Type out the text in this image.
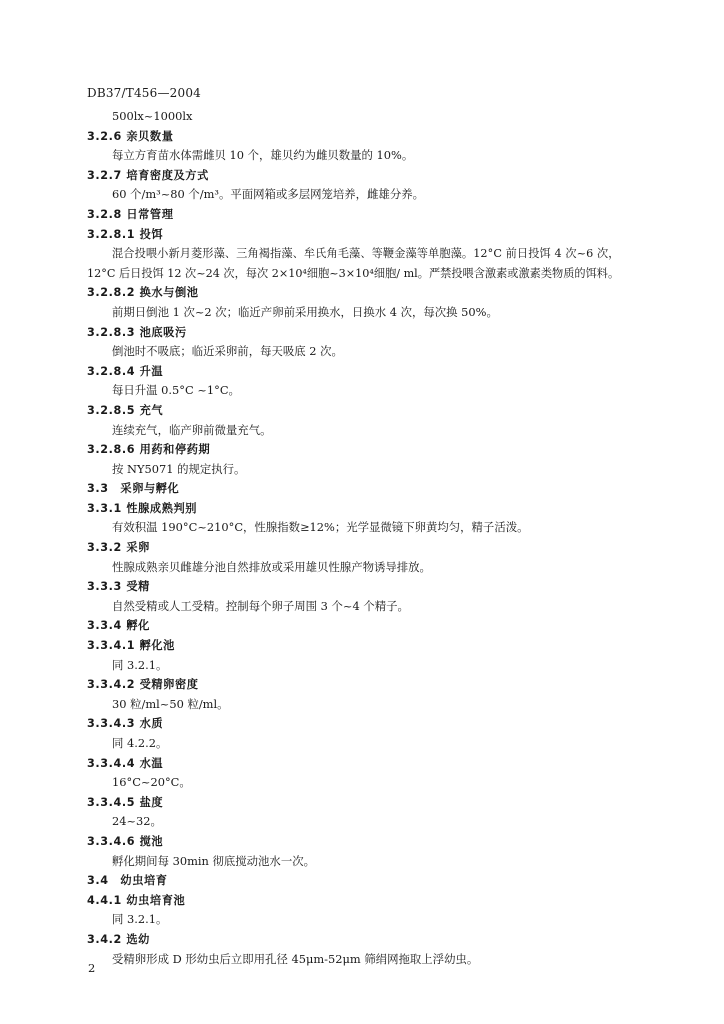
DB37/T456—2004
500lx~1000lx
3.2.6 亲贝数量
每立方育苗水体需雌贝 10 个，雄贝约为雌贝数量的 10%。
3.2.7 培育密度及方式
60 个/m³~80 个/m³。平面网箱或多层网笼培养，雌雄分养。
3.2.8 日常管理
3.2.8.1 投饵
混合投喂小新月菱形藻、三角褐指藻、牟氏角毛藻、等鞭金藻等单胞藻。12°C 前日投饵 4 次~6 次，
12°C 后日投饵 12 次~24 次，每次 2×10⁴细胞~3×10⁴细胞/ ml。严禁投喂含激素或激素类物质的饵料。
3.2.8.2 换水与倒池
前期日倒池 1 次~2 次；临近产卵前采用换水，日换水 4 次，每次换 50%。
3.2.8.3 池底吸污
倒池时不吸底；临近采卵前，每天吸底 2 次。
3.2.8.4 升温
每日升温 0.5°C ~1°C。
3.2.8.5 充气
连续充气，临产卵前微量充气。
3.2.8.6 用药和停药期
按 NY5071 的规定执行。
3.3　采卵与孵化
3.3.1 性腺成熟判别
有效积温 190°C~210°C，性腺指数≥12%；光学显微镜下卵黄均匀，精子活泼。
3.3.2 采卵
性腺成熟亲贝雌雄分池自然排放或采用雄贝性腺产物诱导排放。
3.3.3 受精
自然受精或人工受精。控制每个卵子周围 3 个~4 个精子。
3.3.4 孵化
3.3.4.1 孵化池
同 3.2.1。
3.3.4.2 受精卵密度
30 粒/ml~50 粒/ml。
3.3.4.3 水质
同 4.2.2。
3.3.4.4 水温
16°C~20°C。
3.3.4.5 盐度
24~32。
3.3.4.6 搅池
孵化期间每 30min 彻底搅动池水一次。
3.4　幼虫培育
4.4.1 幼虫培育池
同 3.2.1。
3.4.2 选幼
受精卵形成 D 形幼虫后立即用孔径 45μm-52μm 筛绢网拖取上浮幼虫。
2
